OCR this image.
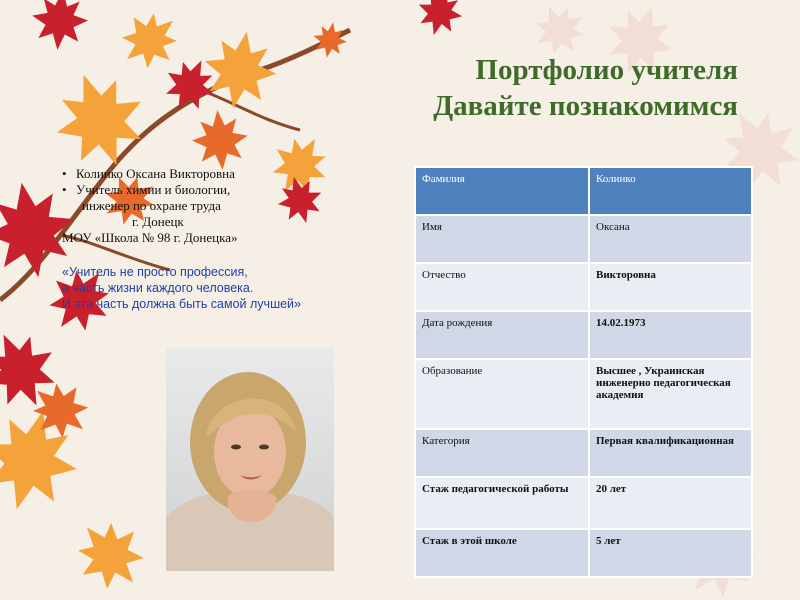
Портфолио учителя
Давайте познакомимся
• Колинко Оксана Викторовна
• Учитель химии и биологии,
инженер по охране труда
г. Донецк
МОУ «Школа № 98 г. Донецка»
«Учитель не просто профессия,
а часть жизни каждого человека.
И эта часть должна быть самой лучшей»
Фамилия	Колинко
Имя	Оксана
Отчество	Викторовна
Дата рождения	14.02.1973
Образование	Высшее , Украинская инженерно педагогическая академия
Категория	Первая квалификационная
Стаж педагогической работы	20 лет
Стаж в этой школе	5 лет
